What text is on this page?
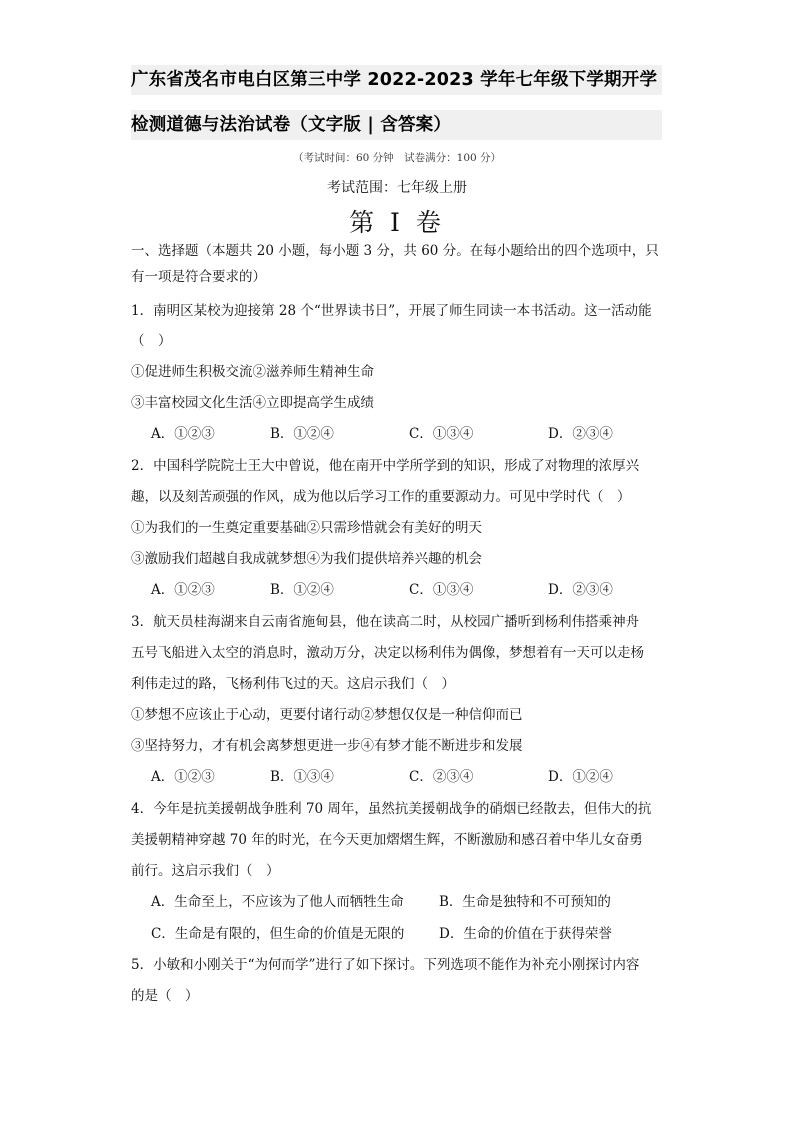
广东省茂名市电白区第三中学 2022-2023 学年七年级下学期开学
检测道德与法治试卷（文字版 | 含答案）
（考试时间：60 分钟　试卷满分：100 分）
考试范围：七年级上册
第 I 卷
一、选择题（本题共 20 小题，每小题 3 分，共 60 分。在每小题给出的四个选项中，只
有一项是符合要求的）
1．南明区某校为迎接第 28 个“世界读书日”，开展了师生同读一本书活动。这一活动能
（　）
①促进师生积极交流②滋养师生精神生命
③丰富校园文化生活④立即提高学生成绩
A．①②③	B．①②④	C．①③④	D．②③④
2．中国科学院院士王大中曾说，他在南开中学所学到的知识，形成了对物理的浓厚兴
趣，以及刻苦顽强的作风，成为他以后学习工作的重要源动力。可见中学时代（　）
①为我们的一生奠定重要基础②只需珍惜就会有美好的明天
③激励我们超越自我成就梦想④为我们提供培养兴趣的机会
A．①②③	B．①②④	C．①③④	D．②③④
3．航天员桂海湖来自云南省施甸县，他在读高二时，从校园广播听到杨利伟搭乘神舟
五号飞船进入太空的消息时，激动万分，决定以杨利伟为偶像，梦想着有一天可以走杨
利伟走过的路，飞杨利伟飞过的天。这启示我们（　）
①梦想不应该止于心动，更要付诸行动②梦想仅仅是一种信仰而已
③坚持努力，才有机会离梦想更进一步④有梦才能不断进步和发展
A．①②③	B．①③④	C．②③④	D．①②④
4．今年是抗美援朝战争胜利 70 周年，虽然抗美援朝战争的硝烟已经散去，但伟大的抗
美援朝精神穿越 70 年的时光，在今天更加熠熠生辉，不断激励和感召着中华儿女奋勇
前行。这启示我们（　）
A．生命至上，不应该为了他人而牺牲生命	B．生命是独特和不可预知的
C．生命是有限的，但生命的价值是无限的	D．生命的价值在于获得荣誉
5．小敏和小刚关于“为何而学”进行了如下探讨。下列选项不能作为补充小刚探讨内容
的是（　）
